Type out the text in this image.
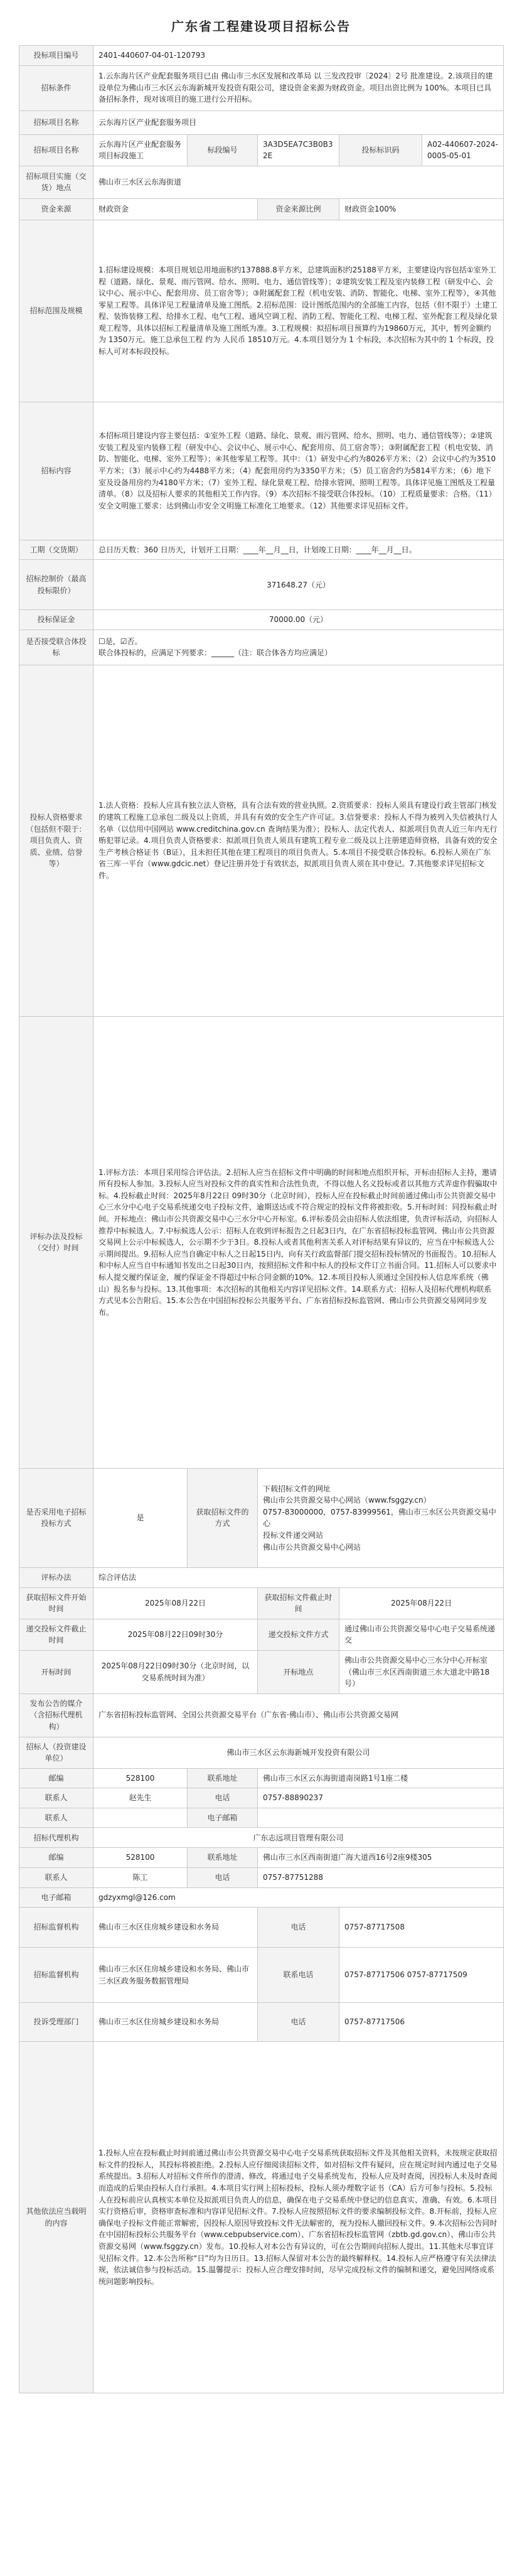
广东省工程建设项目招标公告
投标项目编号	2401-440607-04-01-120793				
招标条件	1.云东海片区产业配套服务项目已由 佛山市三水区发展和改革局 以 三发改投审〔2024〕2号 批准建设。2.该项目的建设单位为佛山市三水区云东海新城开发投资有限公司，建设资金来源为财政资金。项目出资比例为 100%。本项目已具备招标条件，现对该项目的施工进行公开招标。				
招标项目名称	云东海片区产业配套服务项目				
招标项目名称	云东海片区产业配套服务项目标段施工	标段编号	3A3D5EA7C3B0B32E	投标标识码	A02-440607-2024-0005-05-01
招标项目实施（交货）地点	佛山市三水区云东海街道				
资金来源	财政资金		资金来源比例	财政资金100%	
招标范围及规模	1.招标建设规模：本项目规划总用地面积约137888.8平方米，总建筑面积约25188平方米，主要建设内容包括①室外工程（道路、绿化、景观、雨污管网、给水、照明、电力、通信管线等）；②建筑安装工程及室内装修工程（研发中心、会议中心、展示中心、配套用房、员工宿舍等）；③附属配套工程（机电安装、消防、智能化、电梯、室外工程等），④其他零星工程等。具体详见工程量清单及施工图纸。2.招标范围：设计图纸范围内的全部施工内容，包括（但不限于）土建工程、装饰装修工程、给排水工程、电气工程、通风空调工程、消防工程、智能化工程、电梯工程、室外配套工程及绿化景观工程等，具体以招标工程量清单及施工图纸为准。3.工程规模：拟招标项目预算约为19860万元，其中，暂列金额约为 1350万元。施工总承包工程 约为 人民币 18510万元。4.本项目划分为 1 个标段，本次招标为其中的 1 个标段，投标人可对本标段投标。				
招标内容	本招标项目建设内容主要包括：①室外工程（道路、绿化、景观、雨污管网、给水、照明、电力、通信管线等）；②建筑安装工程及室内装修工程（研发中心、会议中心、展示中心、配套用房、员工宿舍等）；③附属配套工程（机电安装、消防、智能化、电梯、室外工程等）；④其他零星工程等。其中：（1）研发中心约为8026平方米；（2）会议中心约为3510平方米；（3）展示中心约为4488平方米；（4）配套用房约为3350平方米；（5）员工宿舍约为5814平方米；（6）地下室及设备用房约为4180平方米；（7）室外工程、绿化景观工程、给排水管网、照明工程等。具体详见施工图纸及工程量清单。（8）以及招标人要求的其他相关工作内容。（9）本次招标不接受联合体投标。（10）工程质量要求：合格。（11）安全文明施工要求：达到佛山市安全文明施工标准化工地要求。（12）其他要求详见招标文件。				
工期（交货期）	总日历天数：360 日历天，计划开工日期：____年__月__日，计划竣工日期：____年__月__日。				
招标控制价（最高投标限价）	371648.27（元）				
投标保证金	70000.00（元）				
是否接受联合体投标	☐是，☑否。
联合体投标的，应满足下列要求：______（注：联合体各方均应满足）				

投标人资格要求（包括但不限于：项目负责人、资质、业绩、信誉等）	1.法人资格：投标人应具有独立法人资格，具有合法有效的营业执照。2.资质要求：投标人须具有建设行政主管部门核发的建筑工程施工总承包二级及以上资质，并具有有效的安全生产许可证。3.信誉要求：投标人不得为被列入失信被执行人名单（以信用中国网站 www.creditchina.gov.cn 查询结果为准）；投标人、法定代表人、拟派项目负责人近三年内无行贿犯罪记录。4.项目负责人资格要求：拟派项目负责人须具有建筑工程专业二级及以上注册建造师资格，具备有效的安全生产考核合格证书（B证），且未担任其他在建工程项目的项目负责人。5.本项目不接受联合体投标。6.投标人须在广东省三库一平台（www.gdcic.net）登记注册并处于有效状态，拟派项目负责人须在其中登记。7.其他要求详见招标文件。				
评标办法及投标（交付）时间	1.评标方法：本项目采用综合评估法。2.招标人应当在招标文件中明确的时间和地点组织开标，开标由招标人主持，邀请所有投标人参加。3.投标人应当对投标文件的真实性和合法性负责，不得以他人名义投标或者以其他方式弄虚作假骗取中标。4.投标截止时间：2025年8月22日 09时30分（北京时间），投标人应在投标截止时间前通过佛山市公共资源交易中心三水分中心电子交易系统递交电子投标文件，逾期送达或不符合规定的投标文件将被拒收。5.开标时间：同投标截止时间。开标地点：佛山市公共资源交易中心三水分中心开标室。6.评标委员会由招标人依法组建，负责评标活动，向招标人推荐中标候选人。7.中标候选人公示：招标人在收到评标报告之日起3日内，在广东省招标投标监管网、佛山市公共资源交易网上公示中标候选人，公示期不少于3日。8.投标人或者其他利害关系人对评标结果有异议的，应当在中标候选人公示期间提出。9.招标人应当自确定中标人之日起15日内，向有关行政监督部门提交招标投标情况的书面报告。10.招标人和中标人应当自中标通知书发出之日起30日内，按照招标文件和中标人的投标文件订立书面合同。11.招标人可以要求中标人提交履约保证金，履约保证金不得超过中标合同金额的10%。12.本项目投标人须通过全国投标人信息库系统（佛山）报名参与投标。13.其他事项：本次招标的其他相关内容详见招标文件。14.联系方式：招标人及招标代理机构联系方式见本公告附后。15.本公告在中国招标投标公共服务平台、广东省招标投标监管网、佛山市公共资源交易网同步发布。				
是否采用电子招标投标方式	是	获取招标文件的方式	下载招标文件的网址
佛山市公共资源交易中心网站（www.fsggzy.cn）
0757-83000000，0757-83999561，佛山市三水区公共资源交易中心
投标文件递交网站
佛山市公共资源交易中心网站		

评标办法	综合评估法				
获取招标文件开始时间	2025年08月22日		获取招标文件截止时间	2025年08月22日	
递交投标文件截止时间	2025年08月22日09时30分		递交投标文件方式	通过佛山市公共资源交易中心电子交易系统递交	
开标时间	2025年08月22日09时30分（北京时间，以交易系统时间为准）		开标地点	佛山市公共资源交易中心三水分中心开标室（佛山市三水区西南街道三水大道北中路18号）	
发布公告的媒介（含招标代理机构）	广东省招标投标监管网、全国公共资源交易平台（广东省·佛山市）、佛山市公共资源交易网				
招标人（投资建设单位）	佛山市三水区云东海新城开发投资有限公司				
邮编	528100	联系地址	佛山市三水区云东海街道南岗路1号1座二楼		
联系人	赵先生	电话	0757-88890237		
联系人		电子邮箱			
招标代理机构	广东志远项目管理有限公司				
邮编	528100	联系地址	佛山市三水区西南街道广海大道西16号2座9楼305		
联系人	陈工	电话	0757-87751288		
电子邮箱	gdzyxmgl@126.com				
招标监督机构	佛山市三水区住房城乡建设和水务局		电话	0757-87717508	
招标监督机构	佛山市三水区住房城乡建设和水务局、佛山市三水区政务服务数据管理局		联系电话	0757-87717506 0757-87717509	
投诉受理部门	佛山市三水区住房城乡建设和水务局		电话	0757-87717506	
其他依法应当载明的内容	1.投标人应在投标截止时间前通过佛山市公共资源交易中心电子交易系统获取招标文件及其他相关资料，未按规定获取招标文件的投标人，其投标将被拒绝。2.投标人应仔细阅读招标文件，如对招标文件有疑问，应在规定时间内通过电子交易系统提出。3.招标人对招标文件所作的澄清、修改，将通过电子交易系统发布，投标人应及时查阅，因投标人未及时查阅而造成的后果由投标人自行承担。4.本项目实行网上招标投标，投标人须办理数字证书（CA）后方可参与投标。5.投标人在投标前应认真核实本单位及拟派项目负责人的信息，确保在电子交易系统中登记的信息真实、准确、有效。6.本项目实行资格后审，资格审查标准和内容详见招标文件。7.投标人应按照招标文件的要求编制投标文件。8.开标前，投标人应确保电子投标文件能正常解密，因投标人原因导致投标文件无法解密的，视为投标人撤回投标文件。9.本次招标公告同时在中国招标投标公共服务平台（www.cebpubservice.com）、广东省招标投标监管网（zbtb.gd.gov.cn）、佛山市公共资源交易网（www.fsggzy.cn）发布。10.投标人对本公告有异议的，可在公告期间向招标人提出。11.其他未尽事宜详见招标文件。12.本公告所称“日”均为日历日。13.招标人保留对本公告的最终解释权。14.投标人应严格遵守有关法律法规，依法诚信参与投标活动。15.温馨提示：投标人应合理安排时间，尽早完成投标文件的编制和递交，避免因网络或系统问题影响投标。				
